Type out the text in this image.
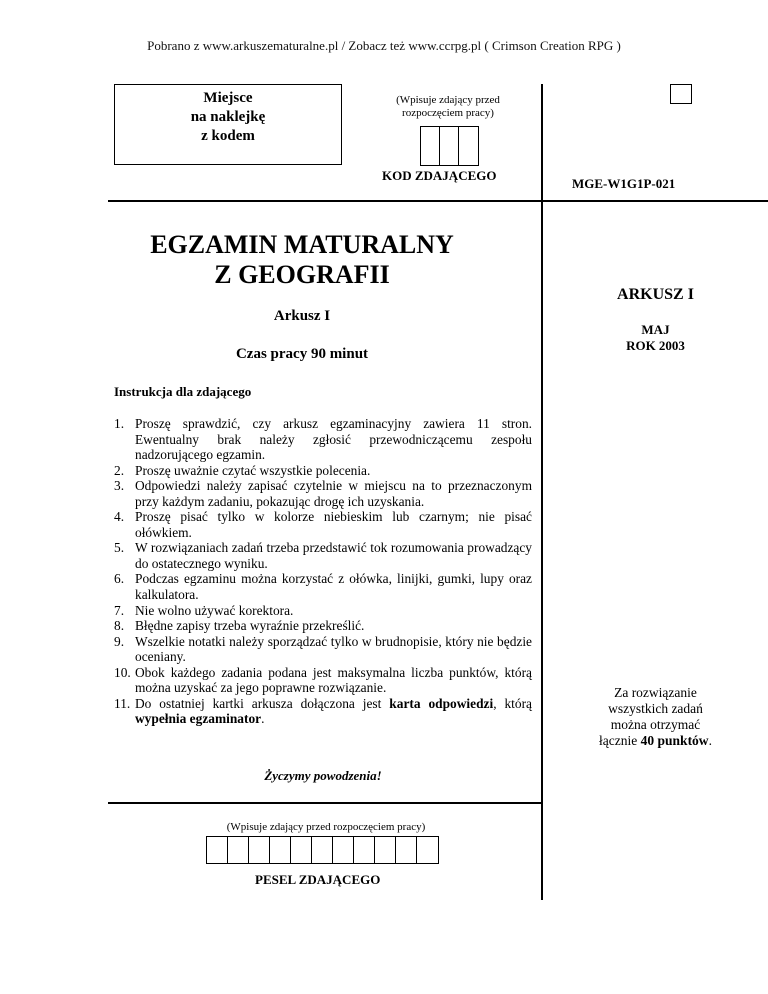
Pobrano z www.arkuszematuralne.pl / Zobacz też www.ccrpg.pl ( Crimson Creation RPG )
Miejsce
na naklejkę
z kodem
(Wpisuje zdający przed
rozpoczęciem pracy)
KOD ZDAJĄCEGO
MGE-W1G1P-021
EGZAMIN MATURALNY
Z GEOGRAFII
Arkusz I
Czas pracy 90 minut
Instrukcja dla zdającego
1. Proszę sprawdzić, czy arkusz egzaminacyjny zawiera 11 stron. Ewentualny brak należy zgłosić przewodniczącemu zespołu nadzorującego egzamin.
2. Proszę uważnie czytać wszystkie polecenia.
3. Odpowiedzi należy zapisać czytelnie w miejscu na to przeznaczonym przy każdym zadaniu, pokazując drogę ich uzyskania.
4. Proszę pisać tylko w kolorze niebieskim lub czarnym; nie pisać ołówkiem.
5. W rozwiązaniach zadań trzeba przedstawić tok rozumowania prowadzący do ostatecznego wyniku.
6. Podczas egzaminu można korzystać z ołówka, linijki, gumki, lupy oraz kalkulatora.
7. Nie wolno używać korektora.
8. Błędne zapisy trzeba wyraźnie przekreślić.
9. Wszelkie notatki należy sporządzać tylko w brudnopisie, który nie będzie oceniany.
10. Obok każdego zadania podana jest maksymalna liczba punktów, którą można uzyskać za jego poprawne rozwiązanie.
11. Do ostatniej kartki arkusza dołączona jest karta odpowiedzi, którą wypełnia egzaminator.
Życzymy powodzenia!
(Wpisuje zdający przed rozpoczęciem pracy)
PESEL ZDAJĄCEGO
ARKUSZ I
MAJ
ROK 2003
Za rozwiązanie
wszystkich zadań
można otrzymać
łącznie 40 punktów.
